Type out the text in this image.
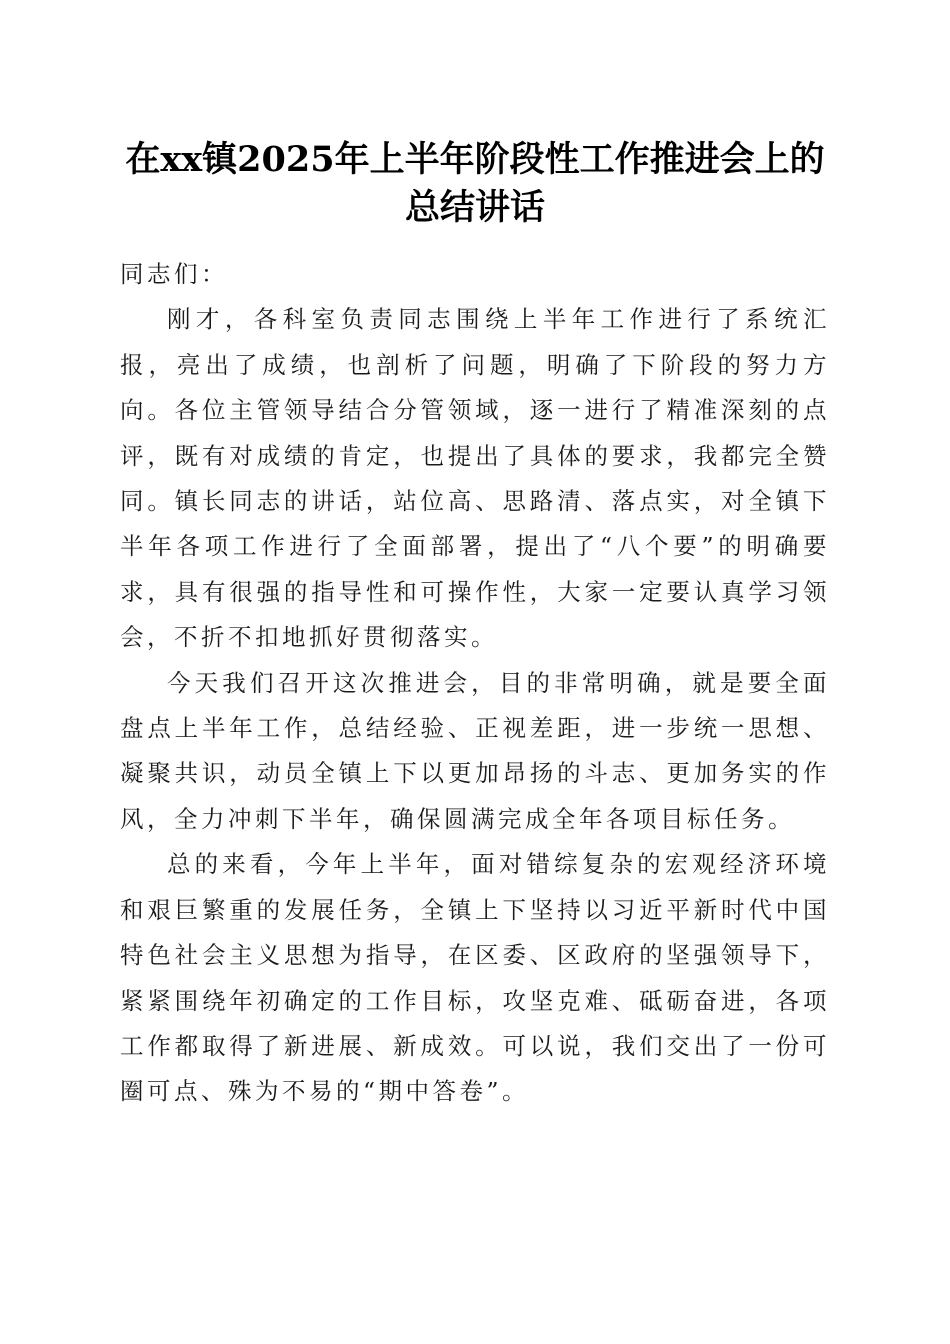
在xx镇2025年上半年阶段性工作推进会上的
总结讲话

同志们：

刚才，各科室负责同志围绕上半年工作进行了系统汇报，亮出了成绩，也剖析了问题，明确了下阶段的努力方向。各位主管领导结合分管领域，逐一进行了精准深刻的点评，既有对成绩的肯定，也提出了具体的要求，我都完全赞同。镇长同志的讲话，站位高、思路清、落点实，对全镇下半年各项工作进行了全面部署，提出了“八个要”的明确要求，具有很强的指导性和可操作性，大家一定要认真学习领会，不折不扣地抓好贯彻落实。

今天我们召开这次推进会，目的非常明确，就是要全面盘点上半年工作，总结经验、正视差距，进一步统一思想、凝聚共识，动员全镇上下以更加昂扬的斗志、更加务实的作风，全力冲刺下半年，确保圆满完成全年各项目标任务。

总的来看，今年上半年，面对错综复杂的宏观经济环境和艰巨繁重的发展任务，全镇上下坚持以习近平新时代中国特色社会主义思想为指导，在区委、区政府的坚强领导下，紧紧围绕年初确定的工作目标，攻坚克难、砥砺奋进，各项工作都取得了新进展、新成效。可以说，我们交出了一份可圈可点、殊为不易的“期中答卷”。
